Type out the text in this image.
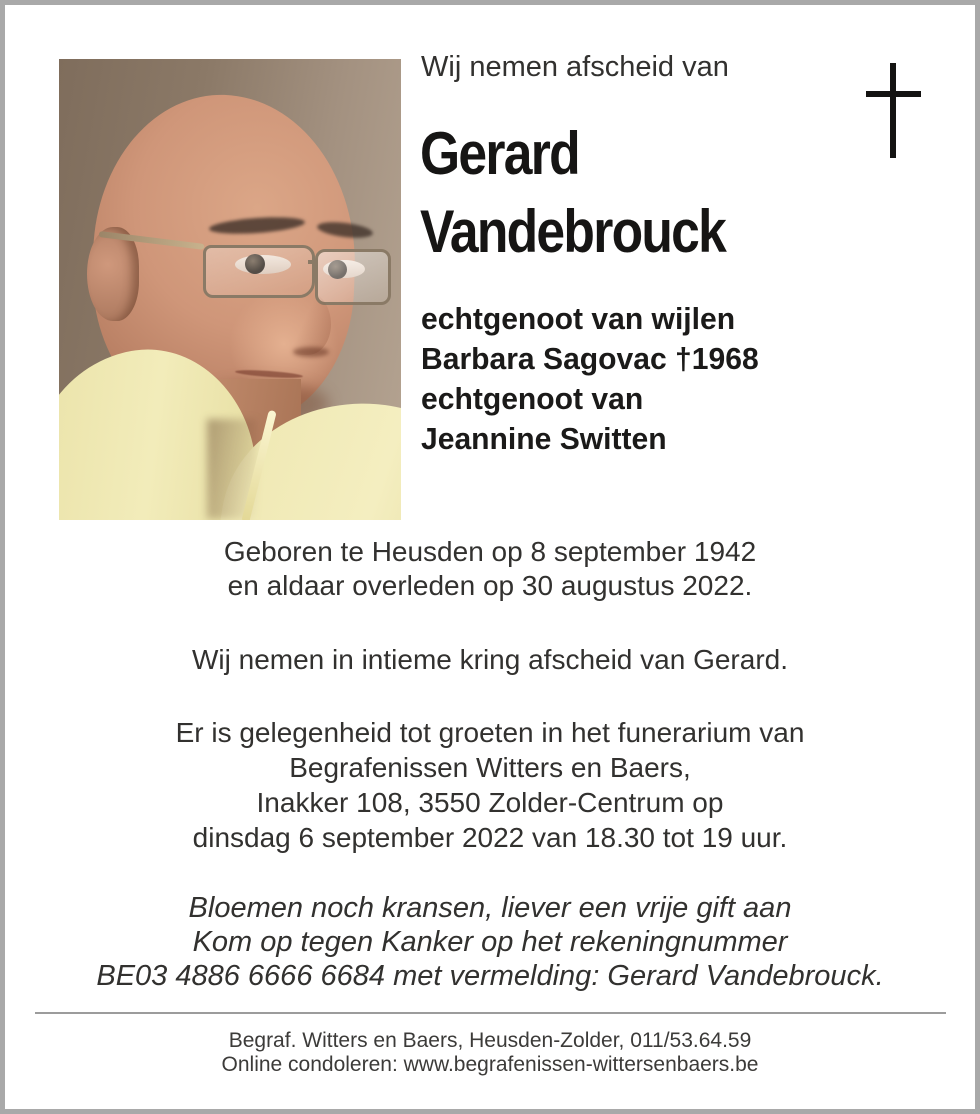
Wij nemen afscheid van
Gerard
Vandebrouck
echtgenoot van wijlen
Barbara Sagovac †1968
echtgenoot van
Jeannine Switten
Geboren te Heusden op 8 september 1942
en aldaar overleden op 30 augustus 2022.
Wij nemen in intieme kring afscheid van Gerard.
Er is gelegenheid tot groeten in het funerarium van
Begrafenissen Witters en Baers,
Inakker 108, 3550 Zolder-Centrum op
dinsdag 6 september 2022 van 18.30 tot 19 uur.
Bloemen noch kransen, liever een vrije gift aan
Kom op tegen Kanker op het rekeningnummer
BE03 4886 6666 6684 met vermelding: Gerard Vandebrouck.
Begraf. Witters en Baers, Heusden-Zolder, 011/53.64.59
Online condoleren: www.begrafenissen-wittersenbaers.be
